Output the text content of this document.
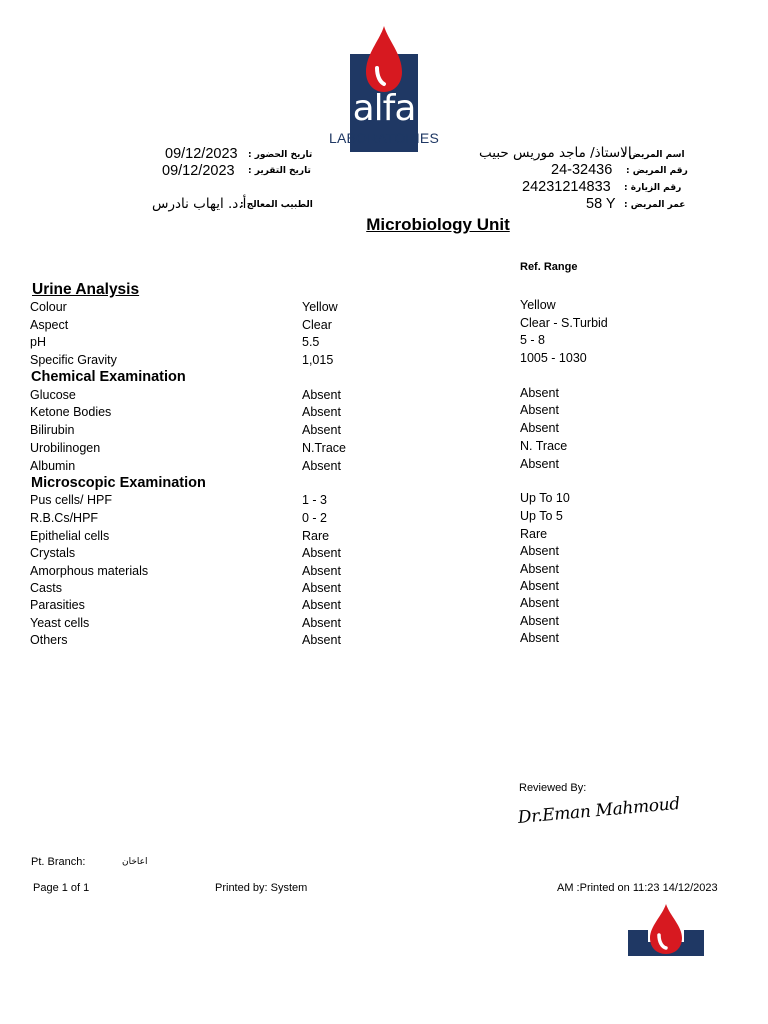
alfa
LABORATORIES
09/12/2023 تاريخ الحضور :
09/12/2023 تاريخ التقرير :
أ.د. ايهاب نادرس
الطبيب المعالج :
الاستاذ/ ماجد موريس حبيب
اسم المريض :
24-32436 رقم المريض :
24231214833 رقم الزيارة :
58 Y عمر المريض :
Microbiology Unit
Ref. Range
Urine Analysis
Colour	Yellow	Yellow
Aspect	Clear	Clear - S.Turbid
pH	5.5	5 - 8
Specific Gravity	1,015	1005 - 1030
Chemical Examination
Glucose	Absent	Absent
Ketone Bodies	Absent	Absent
Bilirubin	Absent	Absent
Urobilinogen	N.Trace	N. Trace
Albumin	Absent	Absent
Microscopic Examination
Pus cells/ HPF	1 - 3	Up To 10
R.B.Cs/HPF	0 - 2	Up To 5
Epithelial cells	Rare	Rare
Crystals	Absent	Absent
Amorphous materials	Absent	Absent
Casts	Absent	Absent
Parasities	Absent	Absent
Yeast cells	Absent	Absent
Others	Absent	Absent
Reviewed By:
Dr.Eman Mahmoud
Pt. Branch:	اعاخان
Page 1 of 1	Printed by: System	AM :Printed on 11:23 14/12/2023
